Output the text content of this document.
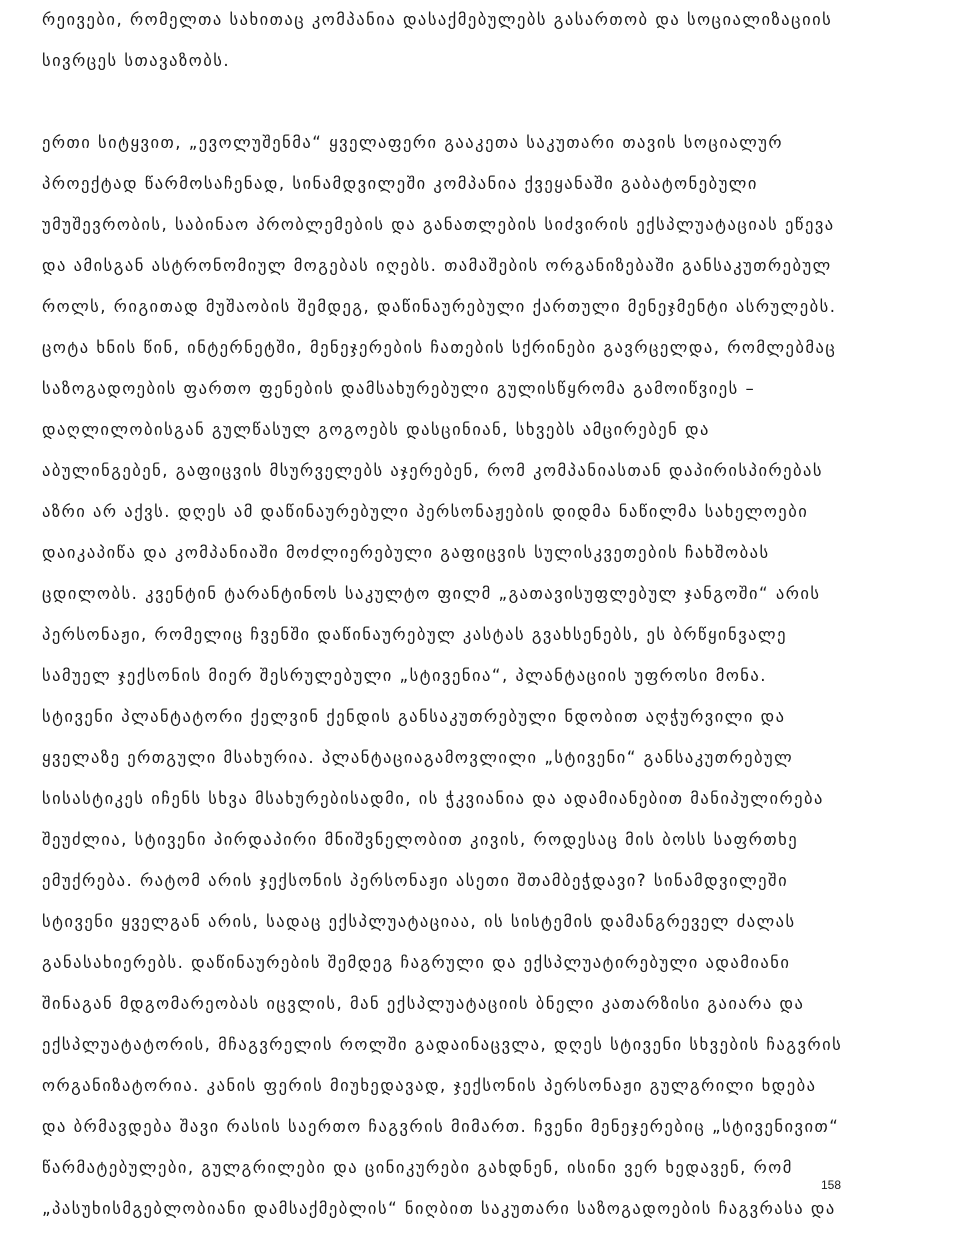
რეივები, რომელთა სახითაც კომპანია დასაქმებულებს გასართობ და სოციალიზაციის
სივრცეს სთავაზობს.
ერთი სიტყვით, „ევოლუშენმა“ ყველაფერი გააკეთა საკუთარი თავის სოციალურ
პროექტად წარმოსაჩენად, სინამდვილეში კომპანია ქვეყანაში გაბატონებული
უმუშევრობის, საბინაო პრობლემების და განათლების სიძვირის ექსპლუატაციას ეწევა
და ამისგან ასტრონომიულ მოგებას იღებს. თამაშების ორგანიზებაში განსაკუთრებულ
როლს, რიგითად მუშაობის შემდეგ, დაწინაურებული ქართული მენეჯმენტი ასრულებს.
ცოტა ხნის წინ, ინტერნეტში, მენეჯერების ჩათების სქრინები გავრცელდა, რომლებმაც
საზოგადოების ფართო ფენების დამსახურებული გულისწყრომა გამოიწვიეს –
დაღლილობისგან გულწასულ გოგოებს დასცინიან, სხვებს ამცირებენ და
აბულინგებენ, გაფიცვის მსურველებს აჯერებენ, რომ კომპანიასთან დაპირისპირებას
აზრი არ აქვს. დღეს ამ დაწინაურებული პერსონაჟების დიდმა ნაწილმა სახელოები
დაიკაპიწა და კომპანიაში მოძლიერებული გაფიცვის სულისკვეთების ჩახშობას
ცდილობს. კვენტინ ტარანტინოს საკულტო ფილმ „გათავისუფლებულ ჯანგოში“ არის
პერსონაჟი, რომელიც ჩვენში დაწინაურებულ კასტას გვახსენებს, ეს ბრწყინვალე
სამუელ ჯექსონის მიერ შესრულებული „სტივენია“, პლანტაციის უფროსი მონა.
სტივენი პლანტატორი ქელვინ ქენდის განსაკუთრებული ნდობით აღჭურვილი და
ყველაზე ერთგული მსახურია. პლანტაციაგამოვლილი „სტივენი“ განსაკუთრებულ
სისასტიკეს იჩენს სხვა მსახურებისადმი, ის ჭკვიანია და ადამიანებით მანიპულირება
შეუძლია, სტივენი პირდაპირი მნიშვნელობით კივის, როდესაც მის ბოსს საფრთხე
ემუქრება. რატომ არის ჯექსონის პერსონაჟი ასეთი შთამბეჭდავი? სინამდვილეში
სტივენი ყველგან არის, სადაც ექსპლუატაციაა, ის სისტემის დამანგრეველ ძალას
განასახიერებს. დაწინაურების შემდეგ ჩაგრული და ექსპლუატირებული ადამიანი
შინაგან მდგომარეობას იცვლის, მან ექსპლუატაციის ბნელი კათარზისი გაიარა და
ექსპლუატატორის, მჩაგვრელის როლში გადაინაცვლა, დღეს სტივენი სხვების ჩაგვრის
ორგანიზატორია. კანის ფერის მიუხედავად, ჯექსონის პერსონაჟი გულგრილი ხდება
და ბრმავდება შავი რასის საერთო ჩაგვრის მიმართ. ჩვენი მენეჯერებიც „სტივენივით“
წარმატებულები, გულგრილები და ცინიკურები გახდნენ, ისინი ვერ ხედავენ, რომ
„პასუხისმგებლობიანი დამსაქმებლის“ ნიღბით საკუთარი საზოგადოების ჩაგვრასა და
158
